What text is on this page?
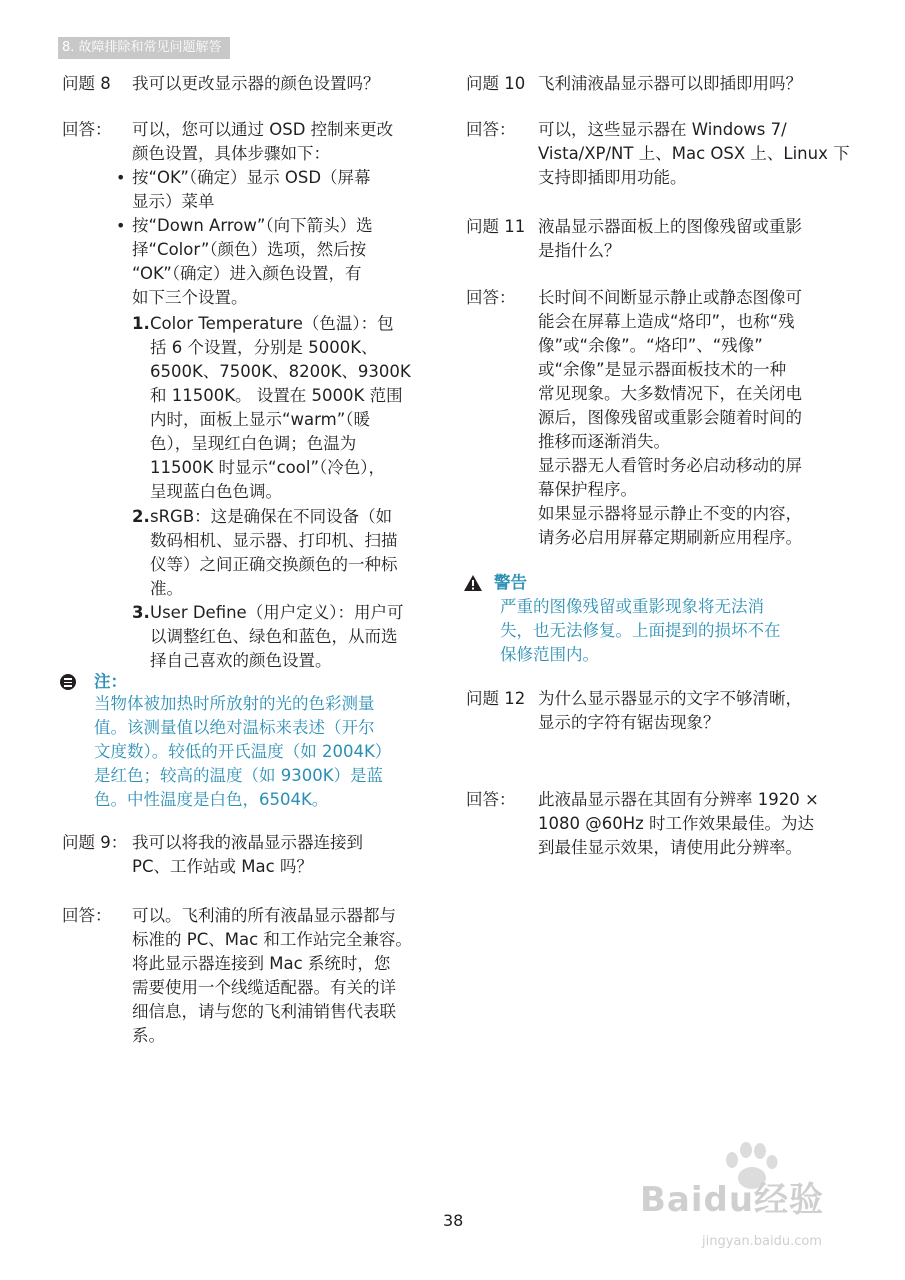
8. 故障排除和常见问题解答
问题 8 我可以更改显示器的颜色设置吗？
回答： 可以，您可以通过 OSD 控制来更改
颜色设置，具体步骤如下：
• 按“OK”（确定）显示 OSD（屏幕
显示）菜单
• 按“Down Arrow”（向下箭头）选
择“Color”（颜色）选项，然后按
“OK”（确定）进入颜色设置，有
如下三个设置。
1. Color Temperature（色温）：包
括 6 个设置，分别是 5000K、
6500K、7500K、8200K、9300K
和 11500K。 设置在 5000K 范围
内时，面板上显示“warm”（暖
色），呈现红白色调；色温为
11500K 时显示“cool”（冷色），
呈现蓝白色色调。
2. sRGB：这是确保在不同设备（如
数码相机、显示器、打印机、扫描
仪等）之间正确交换颜色的一种标
准。
3. User Define（用户定义）：用户可
以调整红色、绿色和蓝色，从而选
择自己喜欢的颜色设置。
注：
当物体被加热时所放射的光的色彩测量
值。该测量值以绝对温标来表述（开尔
文度数）。较低的开氏温度（如 2004K）
是红色；较高的温度（如 9300K）是蓝
色。中性温度是白色，6504K。
问题 9： 我可以将我的液晶显示器连接到
PC、工作站或 Mac 吗？
回答： 可以。飞利浦的所有液晶显示器都与
标准的 PC、Mac 和工作站完全兼容。
将此显示器连接到 Mac 系统时，您
需要使用一个线缆适配器。有关的详
细信息，请与您的飞利浦销售代表联
系。
问题 10 飞利浦液晶显示器可以即插即用吗？
回答： 可以，这些显示器在 Windows 7/
Vista/XP/NT 上、Mac OSX 上、Linux 下
支持即插即用功能。
问题 11 液晶显示器面板上的图像残留或重影
是指什么？
回答： 长时间不间断显示静止或静态图像可
能会在屏幕上造成“烙印”，也称“残
像”或“余像”。“烙印”、“残像”
或“余像”是显示器面板技术的一种
常见现象。大多数情况下，在关闭电
源后，图像残留或重影会随着时间的
推移而逐渐消失。
显示器无人看管时务必启动移动的屏
幕保护程序。
如果显示器将显示静止不变的内容，
请务必启用屏幕定期刷新应用程序。
警告
严重的图像残留或重影现象将无法消
失，也无法修复。上面提到的损坏不在
保修范围内。
问题 12 为什么显示器显示的文字不够清晰，
显示的字符有锯齿现象？
回答： 此液晶显示器在其固有分辨率 1920 ×
1080 @60Hz 时工作效果最佳。为达
到最佳显示效果，请使用此分辨率。
Baidu经验
jingyan.baidu.com
38
